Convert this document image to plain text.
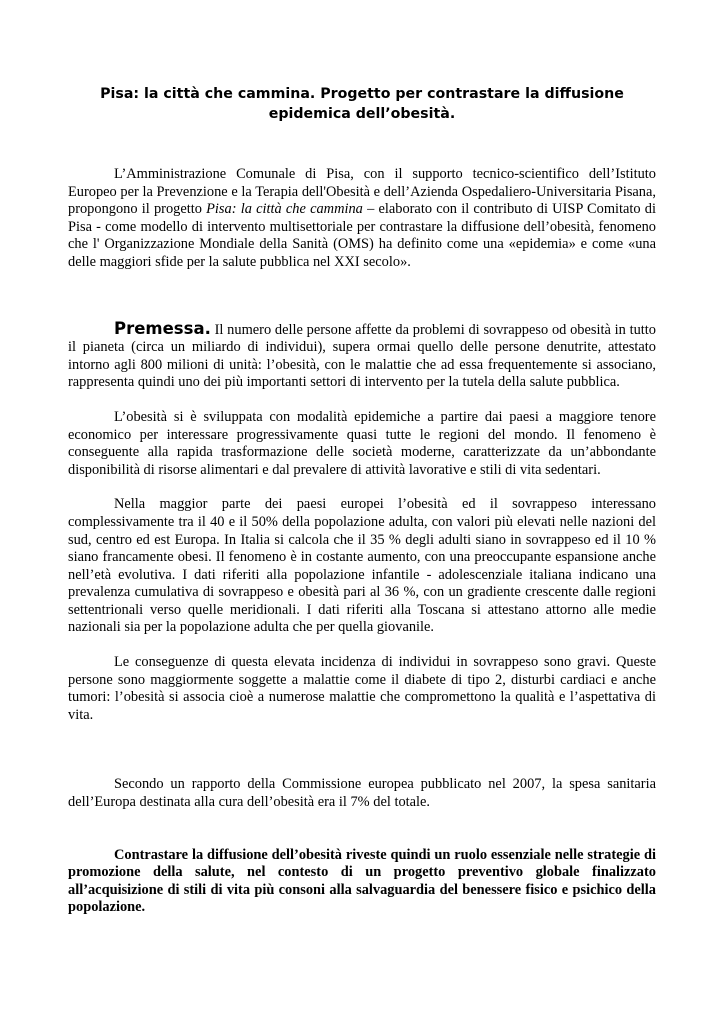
Pisa: la città che cammina. Progetto per contrastare la diffusione epidemica dell’obesità.

L’Amministrazione Comunale di Pisa, con il supporto tecnico-scientifico dell’Istituto Europeo per la Prevenzione e la Terapia dell'Obesità e dell’Azienda Ospedaliero-Universitaria Pisana, propongono il progetto Pisa: la città che cammina – elaborato con il contributo di UISP Comitato di Pisa - come modello di intervento multisettoriale per contrastare la diffusione dell’obesità, fenomeno che l' Organizzazione Mondiale della Sanità (OMS) ha definito come una «epidemia» e come «una delle maggiori sfide per la salute pubblica nel XXI secolo».

Premessa. Il numero delle persone affette da problemi di sovrappeso od obesità in tutto il pianeta (circa un miliardo di individui), supera ormai quello delle persone denutrite, attestato intorno agli 800 milioni di unità: l’obesità, con le malattie che ad essa frequentemente si associano, rappresenta quindi uno dei più importanti settori di intervento per la tutela della salute pubblica.

L’obesità si è sviluppata con modalità epidemiche a partire dai paesi a maggiore tenore economico per interessare progressivamente quasi tutte le regioni del mondo. Il fenomeno è conseguente alla rapida trasformazione delle società moderne, caratterizzate da un’abbondante disponibilità di risorse alimentari e dal prevalere di attività lavorative e stili di vita sedentari.

Nella maggior parte dei paesi europei l’obesità ed il sovrappeso interessano complessivamente tra il 40 e il 50% della popolazione adulta, con valori più elevati nelle nazioni del sud, centro ed est Europa. In Italia si calcola che il 35 % degli adulti siano in sovrappeso ed il 10 % siano francamente obesi. Il fenomeno è in costante aumento, con una preoccupante espansione anche nell’età evolutiva. I dati riferiti alla popolazione infantile - adolescenziale italiana indicano una prevalenza cumulativa di sovrappeso e obesità pari al 36 %, con un gradiente crescente dalle regioni settentrionali verso quelle meridionali. I dati riferiti alla Toscana si attestano attorno alle medie nazionali sia per la popolazione adulta che per quella giovanile.

Le conseguenze di questa elevata incidenza di individui in sovrappeso sono gravi. Queste persone sono maggiormente soggette a malattie come il diabete di tipo 2, disturbi cardiaci e anche tumori: l’obesità si associa cioè a numerose malattie che compromettono la qualità e l’aspettativa di vita.

Secondo un rapporto della Commissione europea pubblicato nel 2007, la spesa sanitaria dell’Europa destinata alla cura dell’obesità era il 7% del totale.

Contrastare la diffusione dell’obesità riveste quindi un ruolo essenziale nelle strategie di promozione della salute, nel contesto di un progetto preventivo globale finalizzato all’acquisizione di stili di vita più consoni alla salvaguardia del benessere fisico e psichico della popolazione.
